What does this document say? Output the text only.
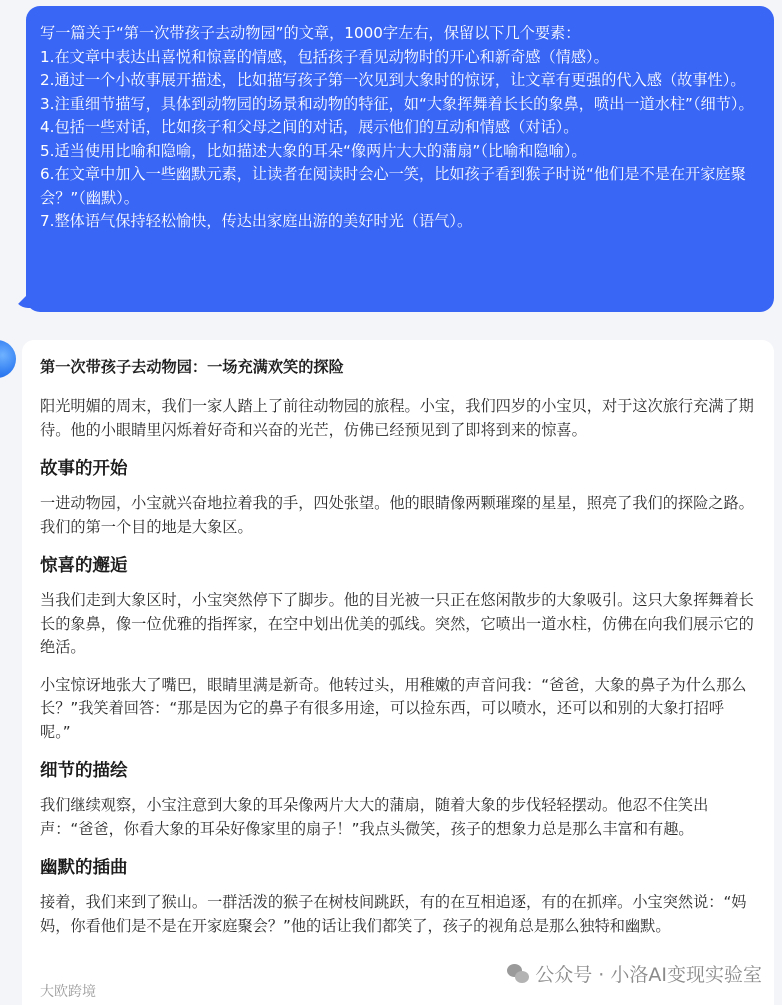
写一篇关于“第一次带孩子去动物园”的文章，1000字左右，保留以下几个要素：

1.在文章中表达出喜悦和惊喜的情感，包括孩子看见动物时的开心和新奇感（情感）。

2.通过一个小故事展开描述，比如描写孩子第一次见到大象时的惊讶，让文章有更强的代入感（故事性）。

3.注重细节描写，具体到动物园的场景和动物的特征，如“大象挥舞着长长的象鼻，喷出一道水柱”（细节）。

4.包括一些对话，比如孩子和父母之间的对话，展示他们的互动和情感（对话）。

5.适当使用比喻和隐喻，比如描述大象的耳朵“像两片大大的蒲扇”（比喻和隐喻）。

6.在文章中加入一些幽默元素，让读者在阅读时会心一笑，比如孩子看到猴子时说“他们是不是在开家庭聚会？”（幽默）。

7.整体语气保持轻松愉快，传达出家庭出游的美好时光（语气）。

第一次带孩子去动物园：一场充满欢笑的探险

阳光明媚的周末，我们一家人踏上了前往动物园的旅程。小宝，我们四岁的小宝贝，对于这次旅行充满了期待。他的小眼睛里闪烁着好奇和兴奋的光芒，仿佛已经预见到了即将到来的惊喜。

故事的开始

一进动物园，小宝就兴奋地拉着我的手，四处张望。他的眼睛像两颗璀璨的星星，照亮了我们的探险之路。我们的第一个目的地是大象区。

惊喜的邂逅

当我们走到大象区时，小宝突然停下了脚步。他的目光被一只正在悠闲散步的大象吸引。这只大象挥舞着长长的象鼻，像一位优雅的指挥家，在空中划出优美的弧线。突然，它喷出一道水柱，仿佛在向我们展示它的绝活。

小宝惊讶地张大了嘴巴，眼睛里满是新奇。他转过头，用稚嫩的声音问我：“爸爸，大象的鼻子为什么那么长？”我笑着回答：“那是因为它的鼻子有很多用途，可以捡东西，可以喷水，还可以和别的大象打招呼呢。”

细节的描绘

我们继续观察，小宝注意到大象的耳朵像两片大大的蒲扇，随着大象的步伐轻轻摆动。他忍不住笑出声：“爸爸，你看大象的耳朵好像家里的扇子！”我点头微笑，孩子的想象力总是那么丰富和有趣。

幽默的插曲

接着，我们来到了猴山。一群活泼的猴子在树枝间跳跃，有的在互相追逐，有的在抓痒。小宝突然说：“妈妈，你看他们是不是在开家庭聚会？”他的话让我们都笑了，孩子的视角总是那么独特和幽默。

公众号 · 小洛AI变现实验室
大欧跨境
